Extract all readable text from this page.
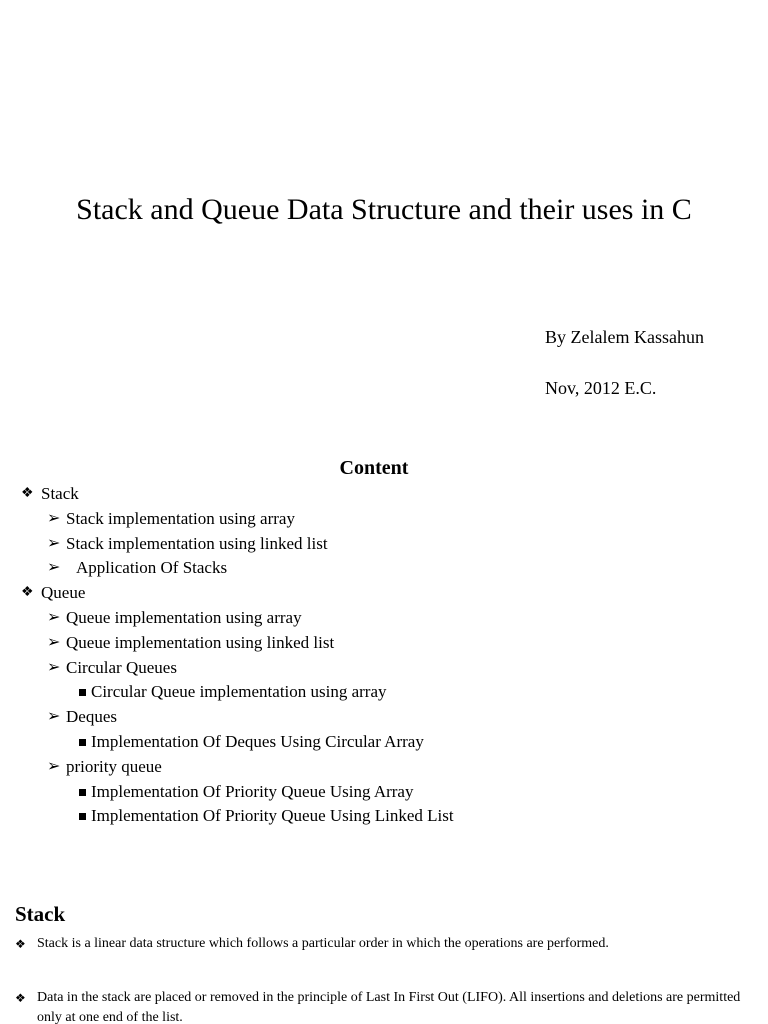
Stack and Queue Data Structure and their uses in C
By Zelalem Kassahun
Nov, 2012 E.C.
Content
❖ Stack
➢ Stack implementation using array
➢ Stack implementation using linked list
➢ Application Of Stacks
❖ Queue
➢ Queue implementation using array
➢ Queue implementation using linked list
➢ Circular Queues
Circular Queue implementation using array
➢ Deques
Implementation Of Deques Using Circular Array
➢ priority queue
Implementation Of Priority Queue Using Array
Implementation Of Priority Queue Using Linked List
Stack
❖ Stack is a linear data structure which follows a particular order in which the operations are performed.
❖ Data in the stack are placed or removed in the principle of Last In First Out (LIFO). All insertions and deletions are permitted only at one end of the list.
